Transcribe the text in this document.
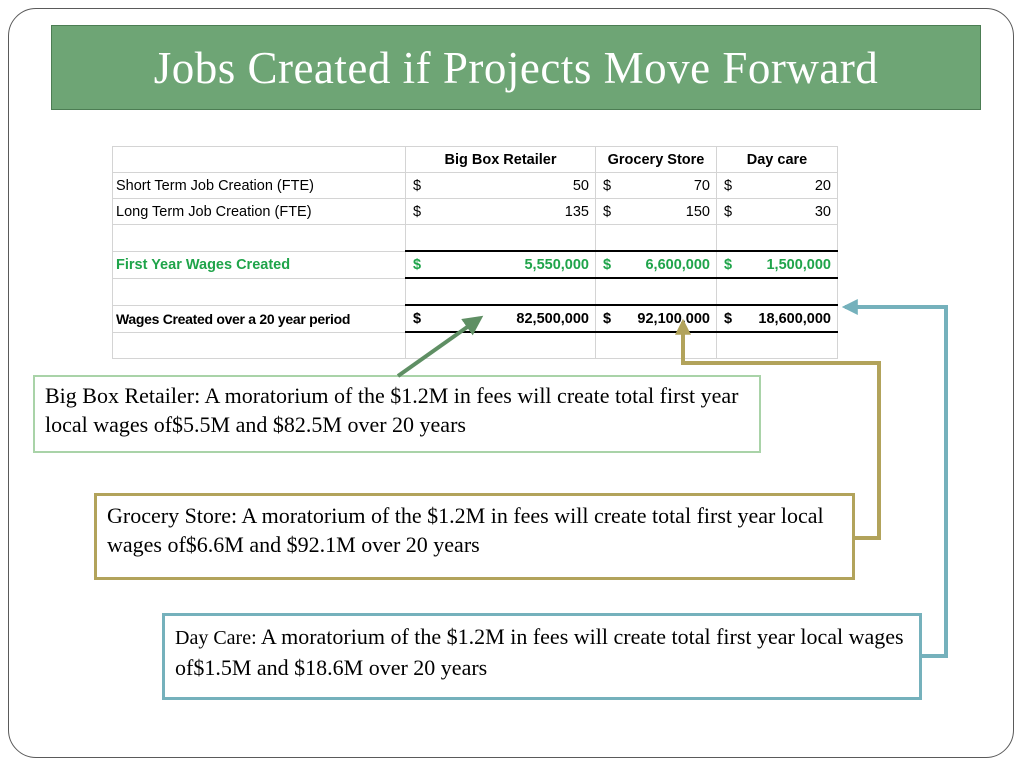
Jobs Created if Projects Move Forward
	Big Box Retailer	Grocery Store	Day care
Short Term Job Creation (FTE)	$ 50	$ 70	$ 20

Long Term Job Creation (FTE)	$ 135	$ 150	$ 30

First Year Wages Created	$ 5,550,000	$ 6,600,000	$ 1,500,000

Wages Created over a 20 year period	$ 82,500,000	$ 92,100,000	$ 18,600,000

Big Box Retailer: A moratorium of the $1.2M in fees will create total first year local wages of$5.5M and $82.5M over 20 years
Grocery Store: A moratorium of the $1.2M in fees will create total first year local wages of$6.6M and $92.1M over 20 years
Day Care: A moratorium of the $1.2M in fees will create total first year local wages of$1.5M and $18.6M over 20 years
